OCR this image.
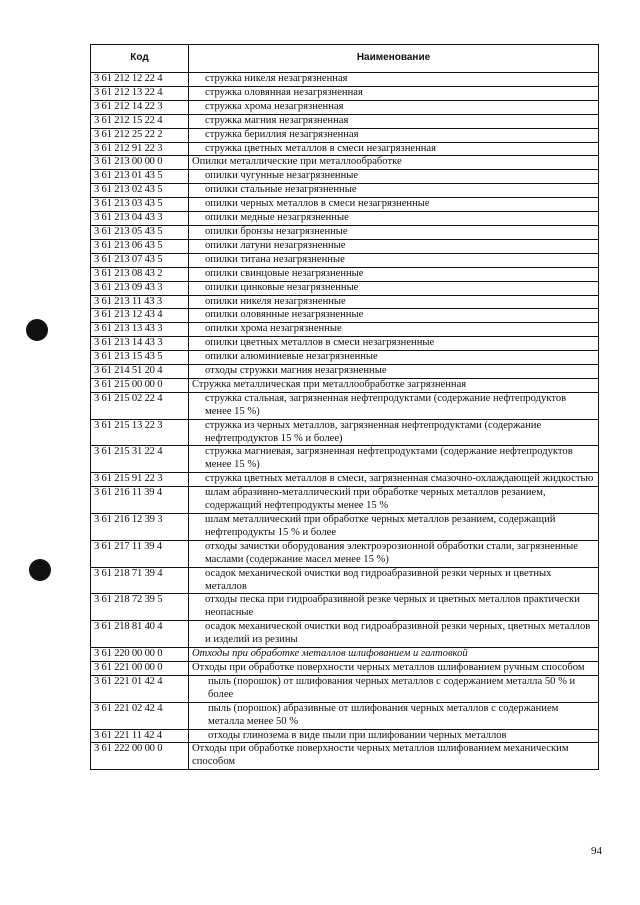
Код	Наименование
3 61 212 12 22 4	стружка никеля незагрязненная
3 61 212 13 22 4	стружка оловянная незагрязненная
3 61 212 14 22 3	стружка хрома незагрязненная
3 61 212 15 22 4	стружка магния незагрязненная
3 61 212 25 22 2	стружка бериллия незагрязненная
3 61 212 91 22 3	стружка цветных металлов в смеси незагрязненная
3 61 213 00 00 0	Опилки металлические при металлообработке
3 61 213 01 43 5	опилки чугунные незагрязненные
3 61 213 02 43 5	опилки стальные незагрязненные
3 61 213 03 43 5	опилки черных металлов в смеси незагрязненные
3 61 213 04 43 3	опилки медные незагрязненные
3 61 213 05 43 5	опилки бронзы незагрязненные
3 61 213 06 43 5	опилки латуни незагрязненные
3 61 213 07 43 5	опилки титана незагрязненные
3 61 213 08 43 2	опилки свинцовые незагрязненные
3 61 213 09 43 3	опилки цинковые незагрязненные
3 61 213 11 43 3	опилки никеля незагрязненные
3 61 213 12 43 4	опилки оловянные незагрязненные
3 61 213 13 43 3	опилки хрома незагрязненные
3 61 213 14 43 3	опилки цветных металлов в смеси незагрязненные
3 61 213 15 43 5	опилки алюминиевые незагрязненные
3 61 214 51 20 4	отходы стружки магния незагрязненные
3 61 215 00 00 0	Стружка металлическая при металлообработке загрязненная
3 61 215 02 22 4	стружка стальная, загрязненная нефтепродуктами (содержание нефтепродуктов менее 15 %)
3 61 215 13 22 3	стружка из черных металлов, загрязненная нефтепродуктами (содержание нефтепродуктов 15 % и более)
3 61 215 31 22 4	стружка магниевая, загрязненная нефтепродуктами (содержание нефтепродуктов менее 15 %)
3 61 215 91 22 3	стружка цветных металлов в смеси, загрязненная смазочно-охлаждающей жидкостью
3 61 216 11 39 4	шлам абразивно-металлический при обработке черных металлов резанием, содержащий нефтепродукты менее 15 %
3 61 216 12 39 3	шлам металлический при обработке черных металлов резанием, содержащий нефтепродукты 15 % и более
3 61 217 11 39 4	отходы зачистки оборудования электроэрозионной обработки стали, загрязненные маслами (содержание масел менее 15 %)
3 61 218 71 39 4	осадок механической очистки вод гидроабразивной резки черных и цветных металлов
3 61 218 72 39 5	отходы песка при гидроабразивной резке черных и цветных металлов практически неопасные
3 61 218 81 40 4	осадок механической очистки вод гидроабразивной резки черных, цветных металлов и изделий из резины
3 61 220 00 00 0	Отходы при обработке металлов шлифованием и галтовкой
3 61 221 00 00 0	Отходы при обработке поверхности черных металлов шлифованием ручным способом
3 61 221 01 42 4	пыль (порошок) от шлифования черных металлов с содержанием металла 50 % и более
3 61 221 02 42 4	пыль (порошок) абразивные от шлифования черных металлов с содержанием металла менее 50 %
3 61 221 11 42 4	отходы глинозема в виде пыли при шлифовании черных металлов
3 61 222 00 00 0	Отходы при обработке поверхности черных металлов шлифованием механическим способом
94
